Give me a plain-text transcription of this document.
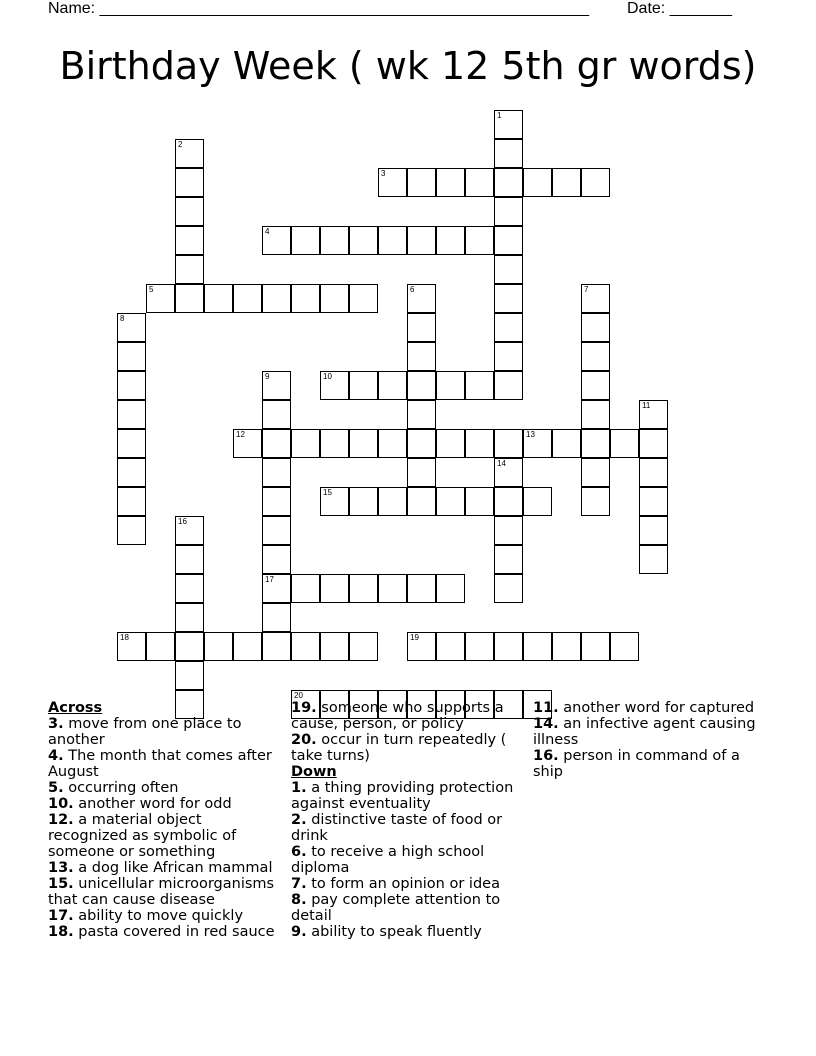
Name: _______________________________________________________ Date: _______
Birthday Week ( wk 12 5th gr words)
3
4
5
10
12	13
15
17
18	19
20
1
2
6	7
8
9
11
14
16
Across
3. move from one place to another
4. The month that comes after August
5. occurring often
10. another word for odd
12. a material object recognized as symbolic of someone or something
13. a dog like African mammal
15. unicellular microorganisms that can cause disease
17. ability to move quickly
18. pasta covered in red sauce
19. someone who supports a cause, person, or policy
20. occur in turn repeatedly ( take turns)
Down
1. a thing providing protection against eventuality
2. distinctive taste of food or drink
6. to receive a high school diploma
7. to form an opinion or idea
8. pay complete attention to detail
9. ability to speak fluently
11. another word for captured
14. an infective agent causing illness
16. person in command of a ship
